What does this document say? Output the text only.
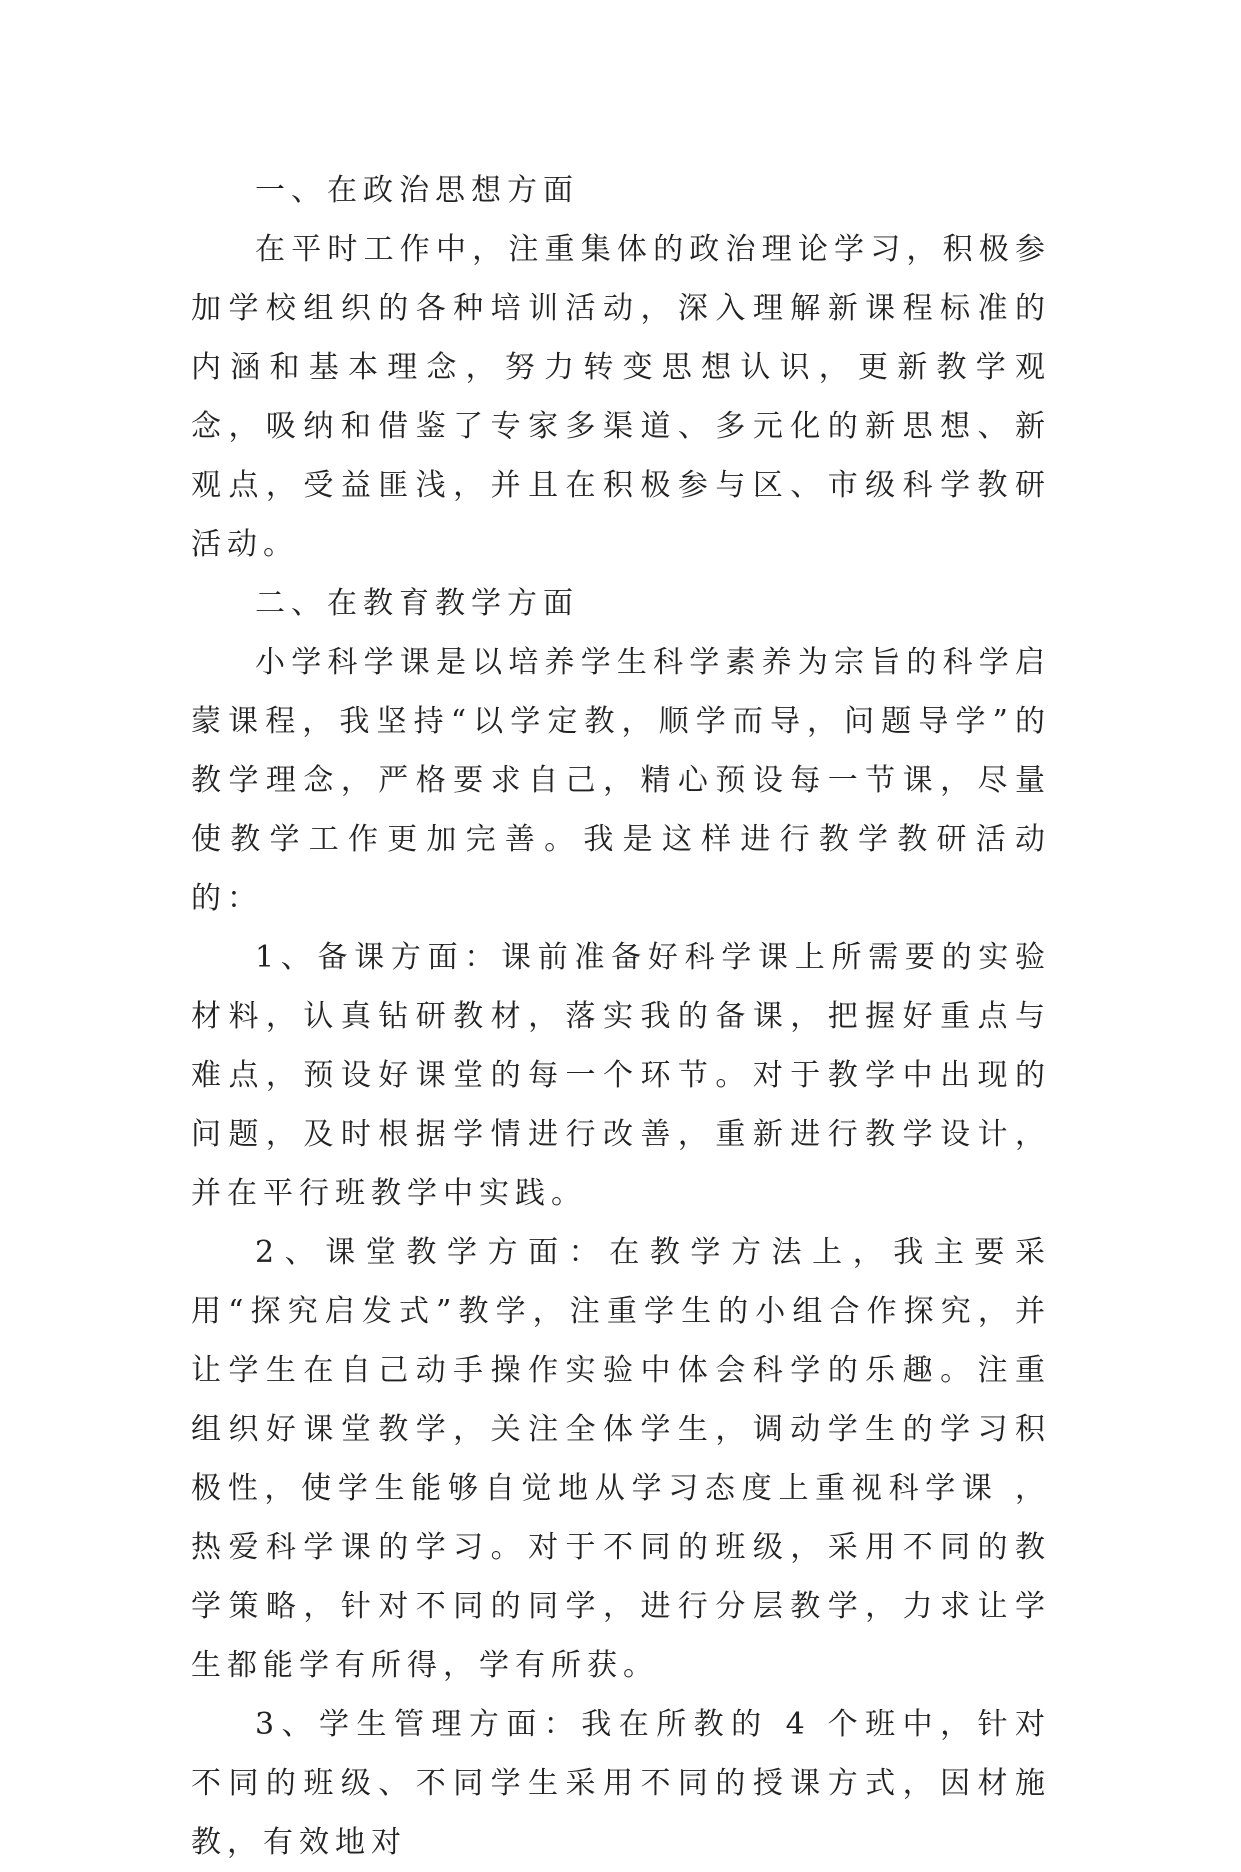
一、在政治思想方面

在平时工作中，注重集体的政治理论学习，积极参加学校组织的各种培训活动，深入理解新课程标准的内涵和基本理念，努力转变思想认识，更新教学观念，吸纳和借鉴了专家多渠道、多元化的新思想、新观点，受益匪浅，并且在积极参与区、市级科学教研活动。

二、在教育教学方面

小学科学课是以培养学生科学素养为宗旨的科学启蒙课程，我坚持“以学定教，顺学而导，问题导学”的教学理念，严格要求自己，精心预设每一节课，尽量使教学工作更加完善。我是这样进行教学教研活动的：

1、备课方面：课前准备好科学课上所需要的实验材料，认真钻研教材，落实我的备课，把握好重点与难点，预设好课堂的每一个环节。对于教学中出现的问题，及时根据学情进行改善，重新进行教学设计，并在平行班教学中实践。

2、课堂教学方面：在教学方法上，我主要采用“探究启发式”教学，注重学生的小组合作探究，并让学生在自己动手操作实验中体会科学的乐趣。注重组织好课堂教学，关注全体学生，调动学生的学习积极性，使学生能够自觉地从学习态度上重视科学课 ，热爱科学课的学习。对于不同的班级，采用不同的教学策略，针对不同的同学，进行分层教学，力求让学生都能学有所得，学有所获。

3、学生管理方面：我在所教的 4 个班中，针对不同的班级、不同学生采用不同的授课方式，因材施教，有效地对
